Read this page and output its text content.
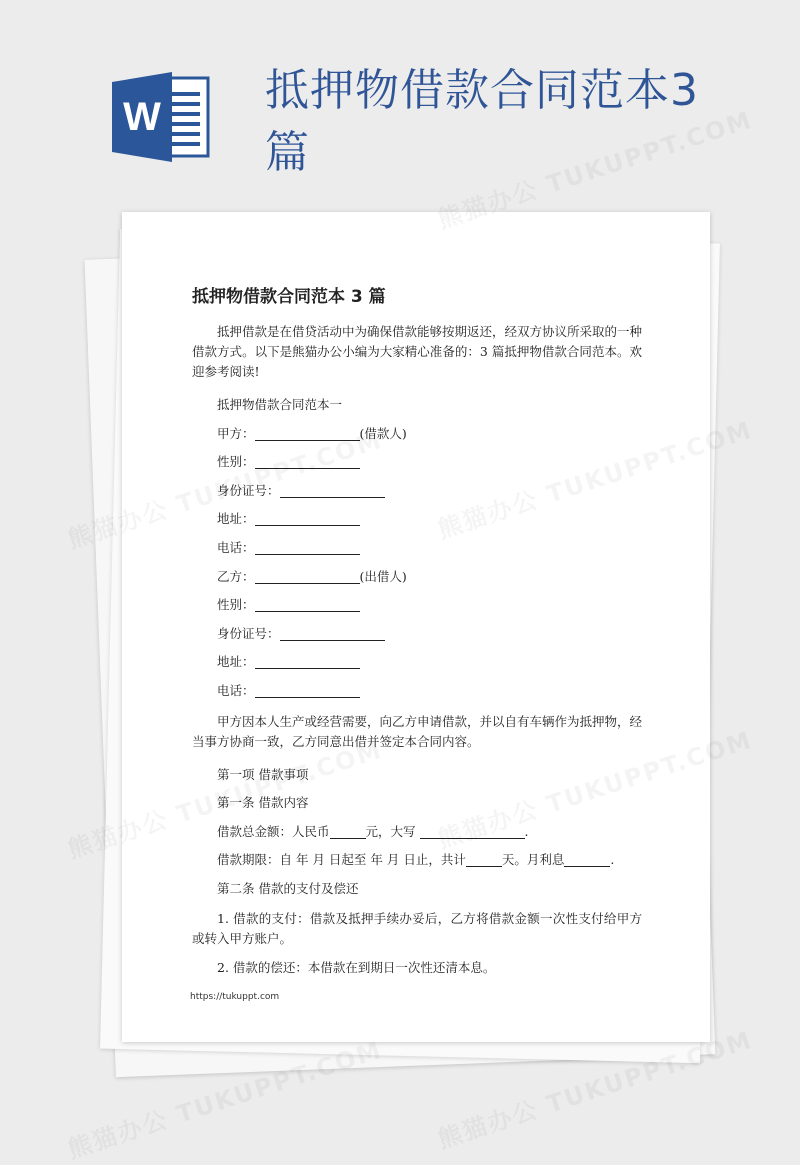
W
抵押物借款合同范本3篇
抵押物借款合同范本 3 篇

抵押借款是在借贷活动中为确保借款能够按期返还，经双方协议所采取的一种借款方式。以下是熊猫办公小编为大家精心准备的：3 篇抵押物借款合同范本。欢迎参考阅读!

抵押物借款合同范本一
甲方：	(借款人)
性别：
身份证号：
地址：
电话：
乙方：	(出借人)
性别：
身份证号：
地址：
电话：

甲方因本人生产或经营需要，向乙方申请借款，并以自有车辆作为抵押物，经当事方协商一致，乙方同意出借并签定本合同内容。

第一项 借款事项
第一条 借款内容
借款总金额：人民币	元，大写	.
借款期限：自 年 月 日起至 年 月 日止，共计	天。月利息	.
第二条 借款的支付及偿还

1. 借款的支付：借款及抵押手续办妥后，乙方将借款金额一次性支付给甲方或转入甲方账户。

2. 借款的偿还：本借款在到期日一次性还清本息。

https://tukuppt.com
